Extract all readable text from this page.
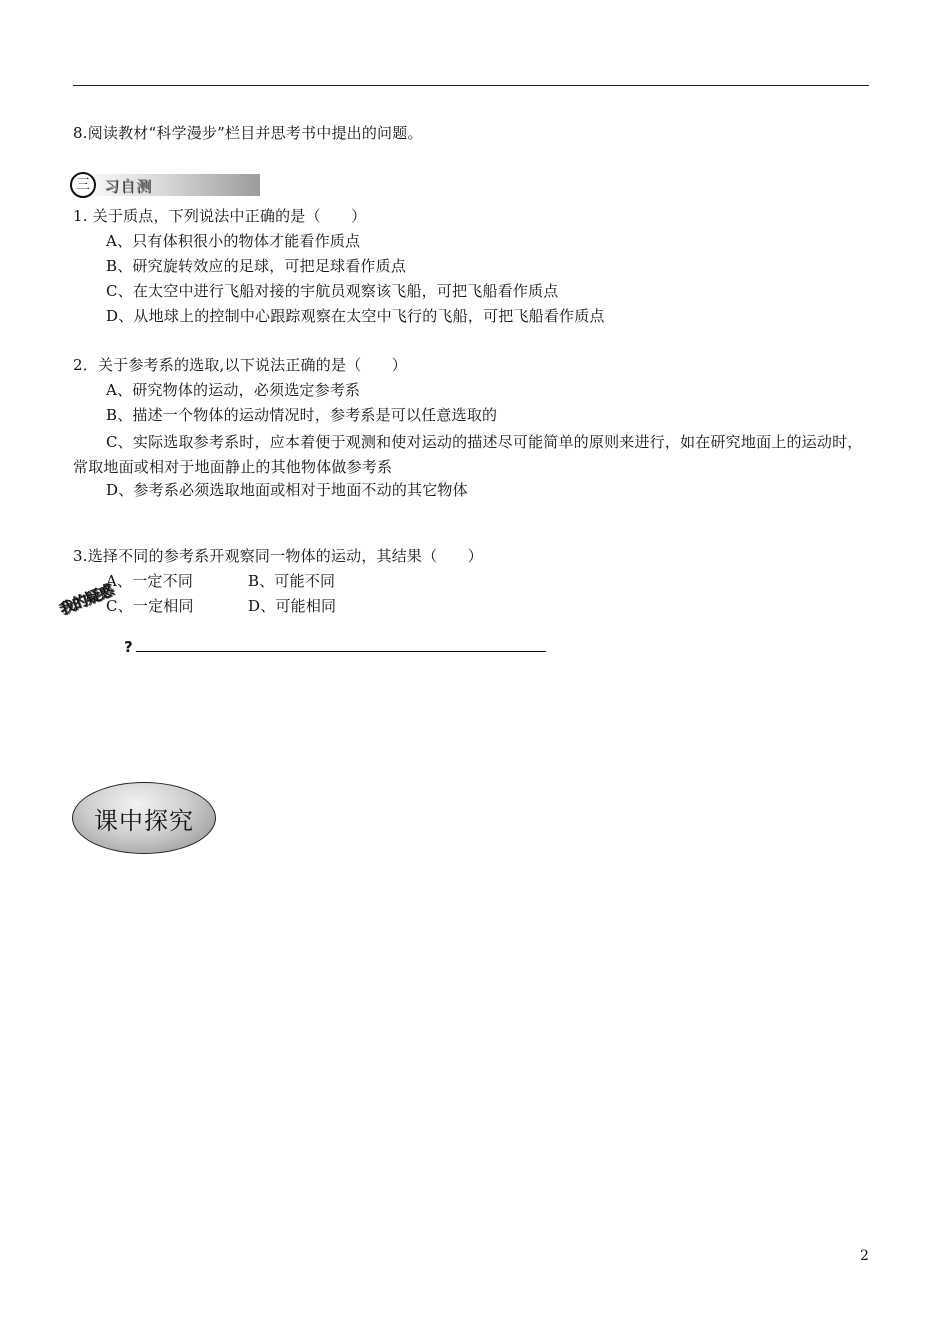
8.阅读教材“科学漫步”栏目并思考书中提出的问题。
习自测
三
1. 关于质点，下列说法中正确的是（　　）
A、只有体积很小的物体才能看作质点
B、研究旋转效应的足球，可把足球看作质点
C、在太空中进行飞船对接的宇航员观察该飞船，可把飞船看作质点
D、从地球上的控制中心跟踪观察在太空中飞行的飞船，可把飞船看作质点
2．关于参考系的选取,以下说法正确的是（　　）
A、研究物体的运动，必须选定参考系
B、描述一个物体的运动情况时，参考系是可以任意选取的
C、实际选取参考系时，应本着便于观测和使对运动的描述尽可能简单的原则来进行，如在研究地面上的运动时，常取地面或相对于地面静止的其他物体做参考系
D、参考系必须选取地面或相对于地面不动的其它物体
3.选择不同的参考系开观察同一物体的运动，其结果（　　）
A、一定不同	B、可能不同
C、一定相同	D、可能相同
我的疑惑
?
课中探究
2
